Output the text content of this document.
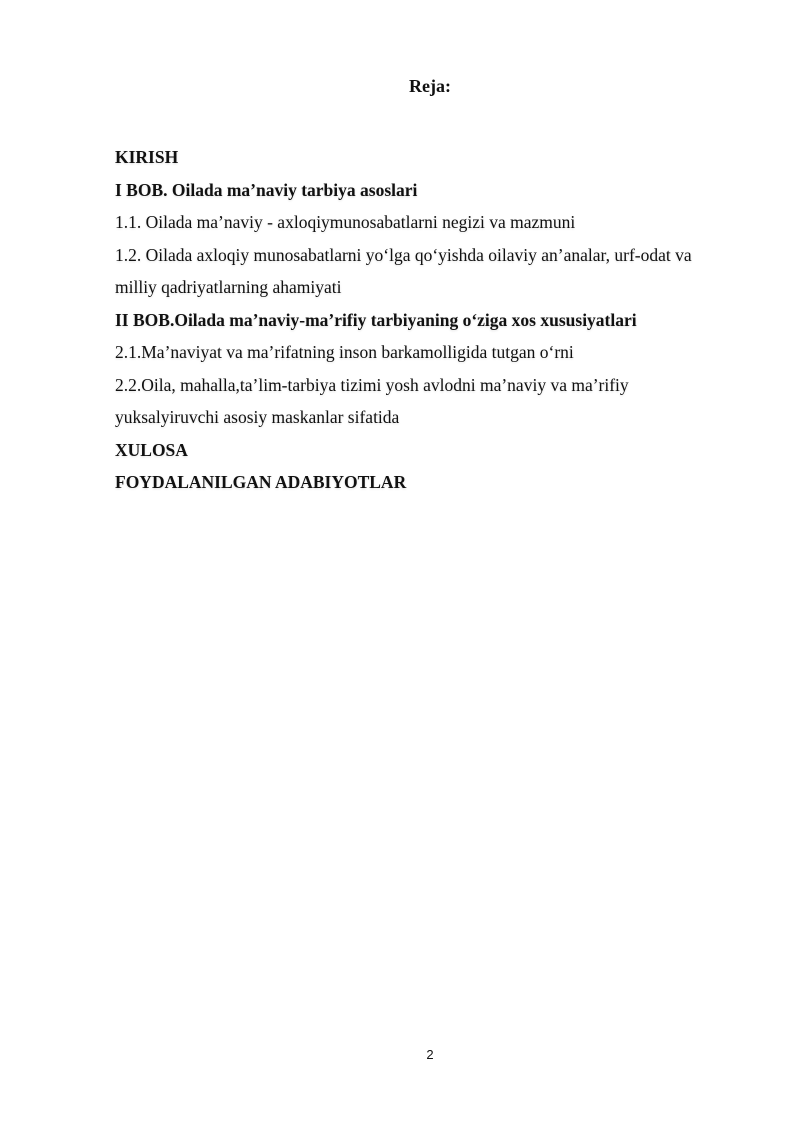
Reja:
KIRISH
I BOB. Oilada ma’naviy tarbiya asoslari
1.1. Oilada ma’naviy - axloqiymunosabatlarni negizi va mazmuni
1.2. Oilada axloqiy munosabatlarni yo‘lga qo‘yishda oilaviy an’analar, urf-odat va
milliy qadriyatlarning ahamiyati
II BOB.Oilada ma’naviy-ma’rifiy tarbiyaning o‘ziga xos xususiyatlari
2.1.Ma’naviyat va ma’rifatning inson barkamolligida tutgan o‘rni
2.2.Oila, mahalla,ta’lim-tarbiya tizimi yosh avlodni ma’naviy va ma’rifiy
yuksalyiruvchi asosiy maskanlar sifatida
XULOSA
FOYDALANILGAN ADABIYOTLAR
2
